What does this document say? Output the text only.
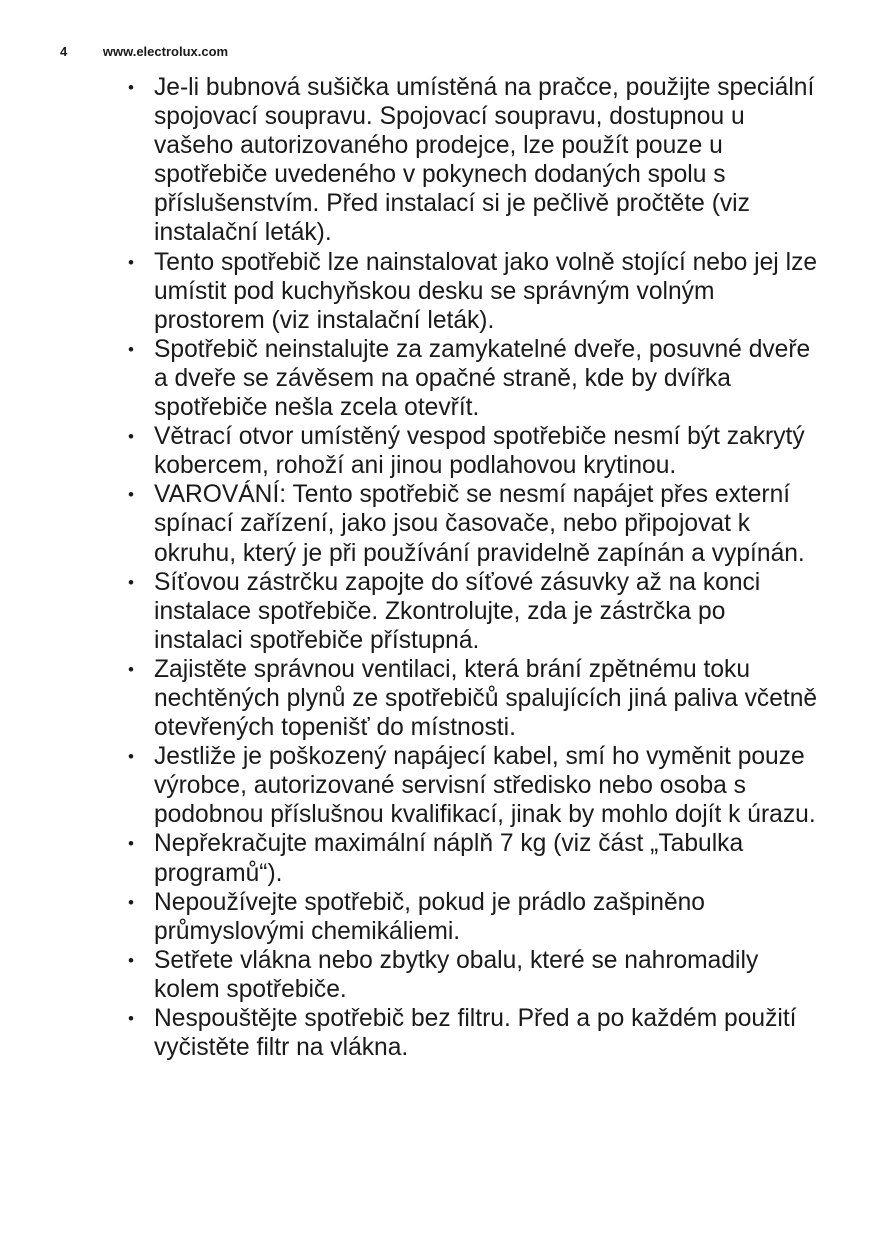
4	www.electrolux.com
• Je-li bubnová sušička umístěná na pračce, použijte speciální spojovací soupravu. Spojovací soupravu, dostupnou u vašeho autorizovaného prodejce, lze použít pouze u spotřebiče uvedeného v pokynech dodaných spolu s příslušenstvím. Před instalací si je pečlivě pročtěte (viz instalační leták).
• Tento spotřebič lze nainstalovat jako volně stojící nebo jej lze umístit pod kuchyňskou desku se správným volným prostorem (viz instalační leták).
• Spotřebič neinstalujte za zamykatelné dveře, posuvné dveře a dveře se závěsem na opačné straně, kde by dvířka spotřebiče nešla zcela otevřít.
• Větrací otvor umístěný vespod spotřebiče nesmí být zakrytý kobercem, rohoží ani jinou podlahovou krytinou.
• VAROVÁNÍ: Tento spotřebič se nesmí napájet přes externí spínací zařízení, jako jsou časovače, nebo připojovat k okruhu, který je při používání pravidelně zapínán a vypínán.
• Síťovou zástrčku zapojte do síťové zásuvky až na konci instalace spotřebiče. Zkontrolujte, zda je zástrčka po instalaci spotřebiče přístupná.
• Zajistěte správnou ventilaci, která brání zpětnému toku nechtěných plynů ze spotřebičů spalujících jiná paliva včetně otevřených topenišť do místnosti.
• Jestliže je poškozený napájecí kabel, smí ho vyměnit pouze výrobce, autorizované servisní středisko nebo osoba s podobnou příslušnou kvalifikací, jinak by mohlo dojít k úrazu.
• Nepřekračujte maximální náplň 7 kg (viz část „Tabulka programů“).
• Nepoužívejte spotřebič, pokud je prádlo zašpiněno průmyslovými chemikáliemi.
• Setřete vlákna nebo zbytky obalu, které se nahromadily kolem spotřebiče.
• Nespouštějte spotřebič bez filtru. Před a po každém použití vyčistěte filtr na vlákna.
